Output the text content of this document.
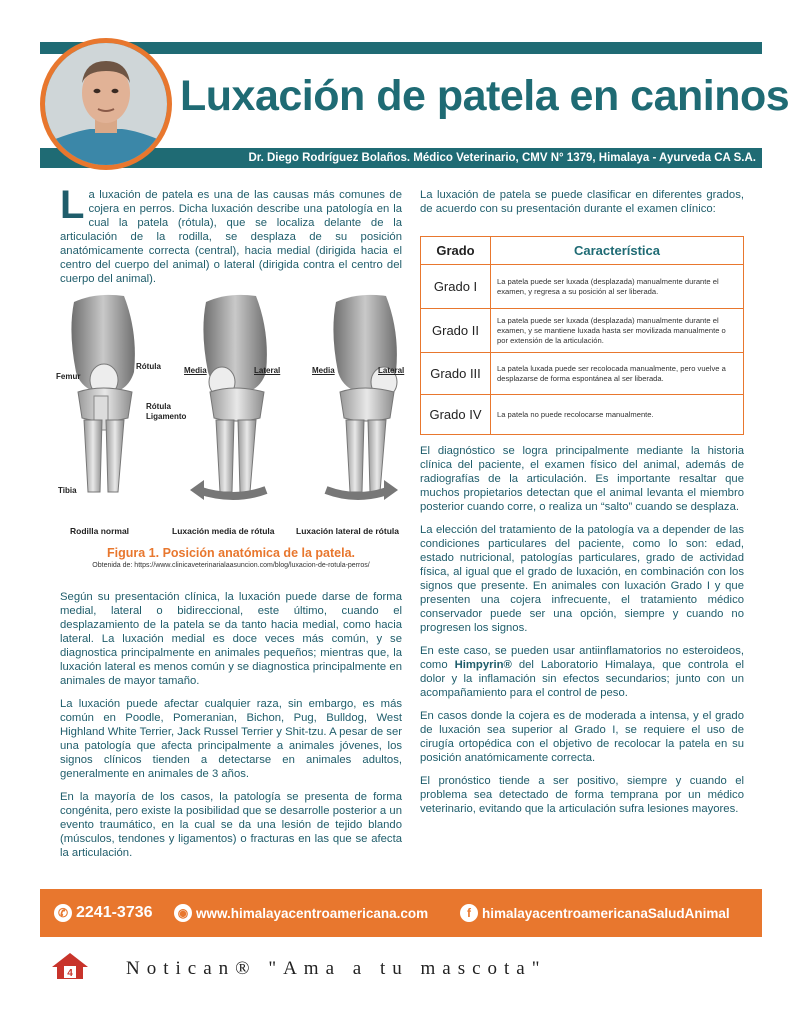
Luxación de patela en caninos
Dr. Diego Rodríguez Bolaños. Médico Veterinario, CMV N° 1379, Himalaya - Ayurveda CA S.A.
La luxación de patela es una de las causas más comunes de cojera en perros. Dicha luxación describe una patología en la cual la patela (rótula), que se localiza delante de la articulación de la rodilla, se desplaza de su posición anatómicamente correcta (central), hacia medial (dirigida hacia el centro del cuerpo del animal) o lateral (dirigida contra el centro del cuerpo del animal).
Femur
Rótula
Rótula
Ligamento
Tibia
Media	Lateral	Media	Lateral
Rodilla normal	Luxación media de rótula	Luxación lateral de rótula
Figura 1. Posición anatómica de la patela.
Obtenida de: https://www.clinicaveterinarialaasuncion.com/blog/luxacion-de-rotula-perros/

Según su presentación clínica, la luxación puede darse de forma medial, lateral o bidireccional, este último, cuando el desplazamiento de la patela se da tanto hacia medial, como hacia lateral. La luxación medial es doce veces más común, y se diagnostica principalmente en animales pequeños; mientras que, la luxación lateral es menos común y se diagnostica principalmente en animales de mayor tamaño.

La luxación puede afectar cualquier raza, sin embargo, es más común en Poodle, Pomeranian, Bichon, Pug, Bulldog, West Highland White Terrier, Jack Russel Terrier y Shit-tzu. A pesar de ser una patología que afecta principalmente a animales jóvenes, los signos clínicos tienden a detectarse en animales adultos, generalmente en animales de 3 años.

En la mayoría de los casos, la patología se presenta de forma congénita, pero existe la posibilidad que se desarrolle posterior a un evento traumático, en la cual se da una lesión de tejido blando (músculos, tendones y ligamentos) o fracturas en las que se afecta la articulación.

La luxación de patela se puede clasificar en diferentes grados, de acuerdo con su presentación durante el examen clínico:
Grado	Característica
Grado I	La patela puede ser luxada (desplazada) manualmente durante el examen, y regresa a su posición al ser liberada.
Grado II	La patela puede ser luxada (desplazada) manualmente durante el examen, y se mantiene luxada hasta ser movilizada manualmente o por extensión de la articulación.
Grado III	La patela luxada puede ser recolocada manualmente, pero vuelve a desplazarse de forma espontánea al ser liberada.
Grado IV	La patela no puede recolocarse manualmente.

El diagnóstico se logra principalmente mediante la historia clínica del paciente, el examen físico del animal, además de radiografías de la articulación. Es importante resaltar que muchos propietarios detectan que el animal levanta el miembro posterior cuando corre, o realiza un “salto” cuando se desplaza.

La elección del tratamiento de la patología va a depender de las condiciones particulares del paciente, como lo son: edad, estado nutricional, patologías particulares, grado de actividad física, al igual que el grado de luxación, en combinación con los signos que presente. En animales con luxación Grado I y que presenten una cojera infrecuente, el tratamiento médico conservador puede ser una opción, siempre y cuando no progresen los signos.

En este caso, se pueden usar antiinflamatorios no esteroideos, como Himpyrin® del Laboratorio Himalaya, que controla el dolor y la inflamación sin efectos secundarios; junto con un acompañamiento para el control de peso.

En casos donde la cojera es de moderada a intensa, y el grado de luxación sea superior al Grado I, se requiere el uso de cirugía ortopédica con el objetivo de recolocar la patela en su posición anatómicamente correcta.

El pronóstico tiende a ser positivo, siempre y cuando el problema sea detectado de forma temprana por un médico veterinario, evitando que la articulación sufra lesiones mayores.

✆ 2241-3736	◉ www.himalayacentroamericana.com	f himalayacentroamericanaSaludAnimal
4	Notican® "Ama a tu mascota"
